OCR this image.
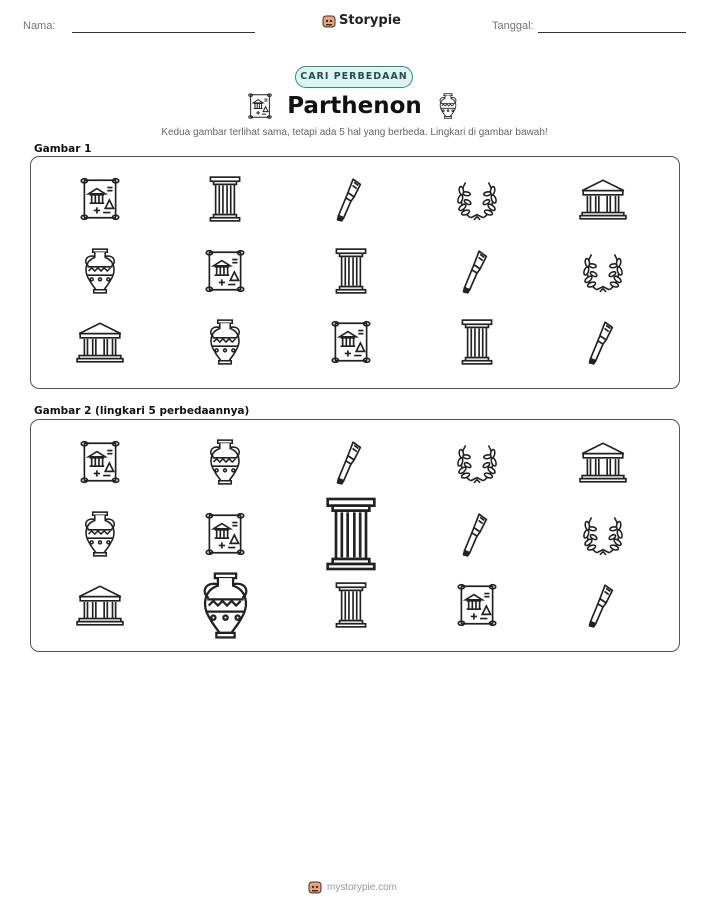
Nama:	Storypie	Tanggal:
CARI PERBEDAAN
Parthenon
Kedua gambar terlihat sama, tetapi ada 5 hal yang berbeda. Lingkari di gambar bawah!
Gambar 1
Gambar 2 (lingkari 5 perbedaannya)
mystorypie.com
